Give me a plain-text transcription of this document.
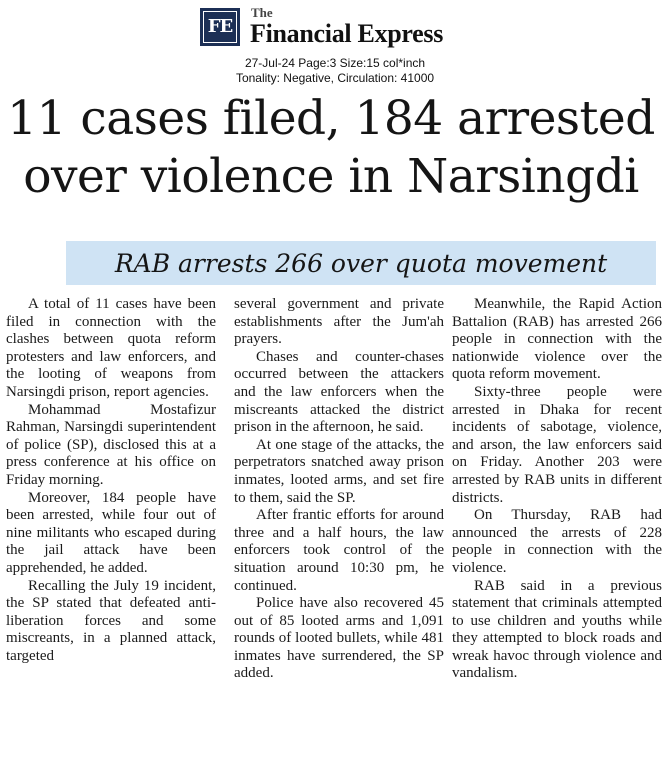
FE
The
Financial Express
27-Jul-24 Page:3 Size:15 col*inch
Tonality: Negative, Circulation: 41000
11 cases filed, 184 arrested
over violence in Narsingdi
RAB arrests 266 over quota movement

A total of 11 cases have been filed in connection with the clashes between quota reform protesters and law enforcers, and the looting of weapons from Narsingdi prison, report agencies.

Mohammad Mostafizur Rahman, Narsingdi superintendent of police (SP), disclosed this at a press conference at his office on Friday morning.

Moreover, 184 people have been arrested, while four out of nine militants who escaped during the jail attack have been apprehended, he added.

Recalling the July 19 incident, the SP stated that defeated anti-liberation forces and some miscreants, in a planned attack, targeted

several government and private establishments after the Jum'ah prayers.

Chases and counter-chases occurred between the attackers and the law enforcers when the miscreants attacked the district prison in the afternoon, he said.

At one stage of the attacks, the perpetrators snatched away prison inmates, looted arms, and set fire to them, said the SP.

After frantic efforts for around three and a half hours, the law enforcers took control of the situation around 10:30 pm, he continued.

Police have also recovered 45 out of 85 looted arms and 1,091 rounds of looted bullets, while 481 inmates have surrendered, the SP added.

Meanwhile, the Rapid Action Battalion (RAB) has arrested 266 people in connection with the nationwide violence over the quota reform movement.

Sixty-three people were arrested in Dhaka for recent incidents of sabotage, violence, and arson, the law enforcers said on Friday. Another 203 were arrested by RAB units in different districts.

On Thursday, RAB had announced the arrests of 228 people in connection with the violence.

RAB said in a previous statement that criminals attempted to use children and youths while they attempted to block roads and wreak havoc through violence and vandalism.
